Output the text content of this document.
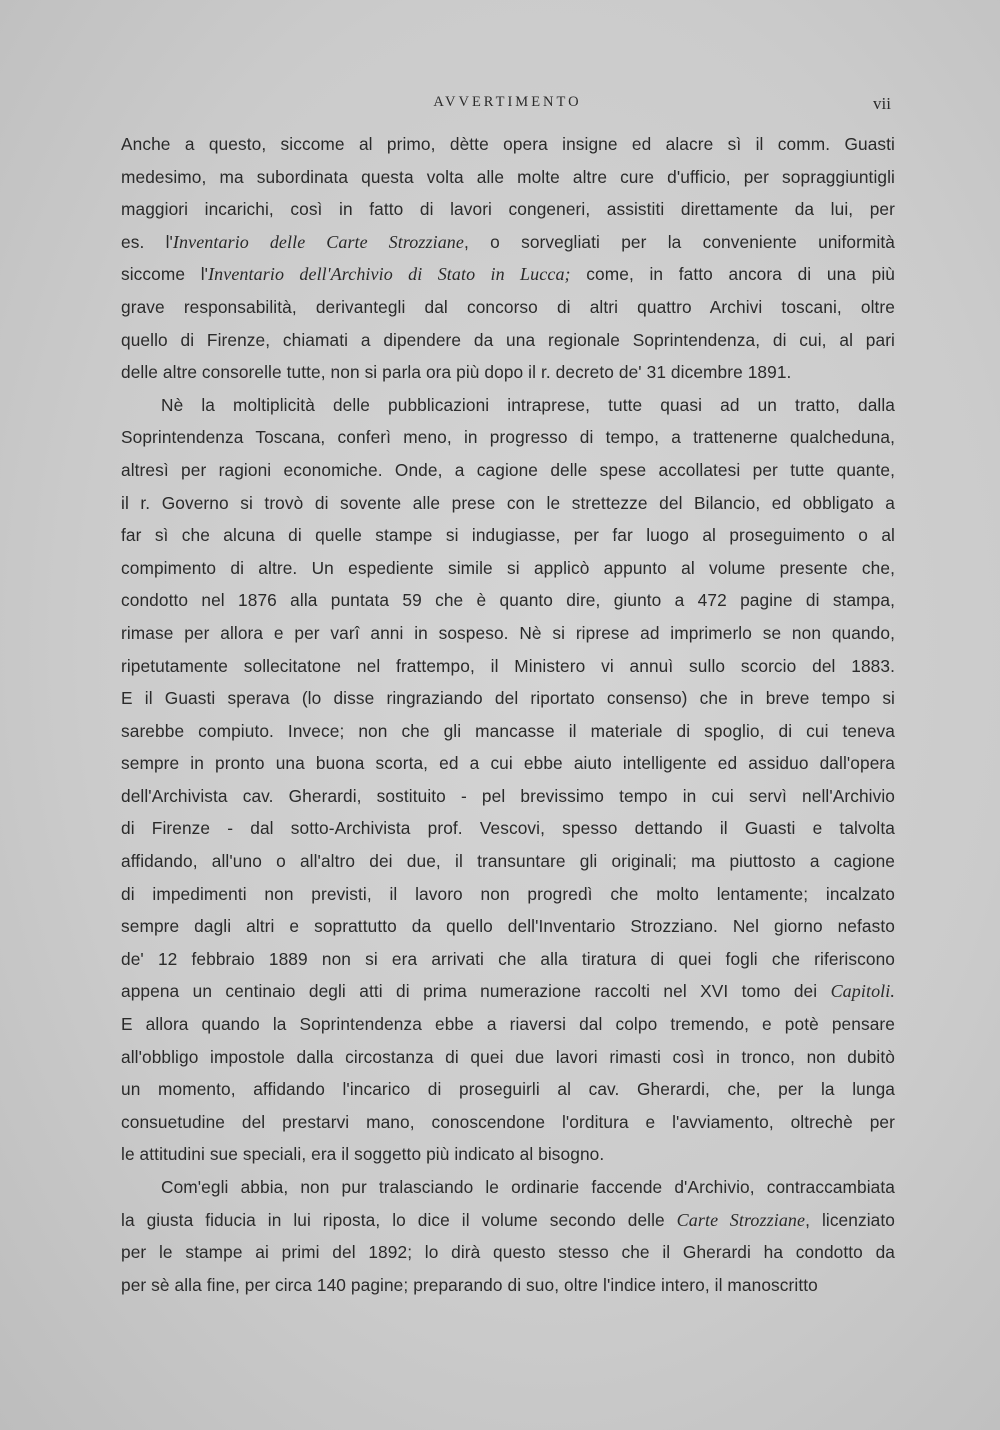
AVVERTIMENTO	vii
Anche a questo, siccome al primo, dètte opera insigne ed alacre sì il comm. Guasti
medesimo, ma subordinata questa volta alle molte altre cure d'ufficio, per sopraggiuntigli
maggiori incarichi, così in fatto di lavori congeneri, assistiti direttamente da lui, per
es. l'Inventario delle Carte Strozziane, o sorvegliati per la conveniente uniformità
siccome l'Inventario dell'Archivio di Stato in Lucca; come, in fatto ancora di una più
grave responsabilità, derivantegli dal concorso di altri quattro Archivi toscani, oltre
quello di Firenze, chiamati a dipendere da una regionale Soprintendenza, di cui, al pari
delle altre consorelle tutte, non si parla ora più dopo il r. decreto de' 31 dicembre 1891.
Nè la moltiplicità delle pubblicazioni intraprese, tutte quasi ad un tratto, dalla
Soprintendenza Toscana, conferì meno, in progresso di tempo, a trattenerne qualcheduna,
altresì per ragioni economiche. Onde, a cagione delle spese accollatesi per tutte quante,
il r. Governo si trovò di sovente alle prese con le strettezze del Bilancio, ed obbligato a
far sì che alcuna di quelle stampe si indugiasse, per far luogo al proseguimento o al
compimento di altre. Un espediente simile si applicò appunto al volume presente che,
condotto nel 1876 alla puntata 59 che è quanto dire, giunto a 472 pagine di stampa,
rimase per allora e per varî anni in sospeso. Nè si riprese ad imprimerlo se non quando,
ripetutamente sollecitatone nel frattempo, il Ministero vi annuì sullo scorcio del 1883.
E il Guasti sperava (lo disse ringraziando del riportato consenso) che in breve tempo si
sarebbe compiuto. Invece; non che gli mancasse il materiale di spoglio, di cui teneva
sempre in pronto una buona scorta, ed a cui ebbe aiuto intelligente ed assiduo dall'opera
dell'Archivista cav. Gherardi, sostituito - pel brevissimo tempo in cui servì nell'Archivio
di Firenze - dal sotto-Archivista prof. Vescovi, spesso dettando il Guasti e talvolta
affidando, all'uno o all'altro dei due, il transuntare gli originali; ma piuttosto a cagione
di impedimenti non previsti, il lavoro non progredì che molto lentamente; incalzato
sempre dagli altri e soprattutto da quello dell'Inventario Strozziano. Nel giorno nefasto
de' 12 febbraio 1889 non si era arrivati che alla tiratura di quei fogli che riferiscono
appena un centinaio degli atti di prima numerazione raccolti nel XVI tomo dei Capitoli.
E allora quando la Soprintendenza ebbe a riaversi dal colpo tremendo, e potè pensare
all'obbligo impostole dalla circostanza di quei due lavori rimasti così in tronco, non dubitò
un momento, affidando l'incarico di proseguirli al cav. Gherardi, che, per la lunga
consuetudine del prestarvi mano, conoscendone l'orditura e l'avviamento, oltrechè per
le attitudini sue speciali, era il soggetto più indicato al bisogno.
Com'egli abbia, non pur tralasciando le ordinarie faccende d'Archivio, contraccambiata
la giusta fiducia in lui riposta, lo dice il volume secondo delle Carte Strozziane, licenziato
per le stampe ai primi del 1892; lo dirà questo stesso che il Gherardi ha condotto da
per sè alla fine, per circa 140 pagine; preparando di suo, oltre l'indice intero, il manoscritto
